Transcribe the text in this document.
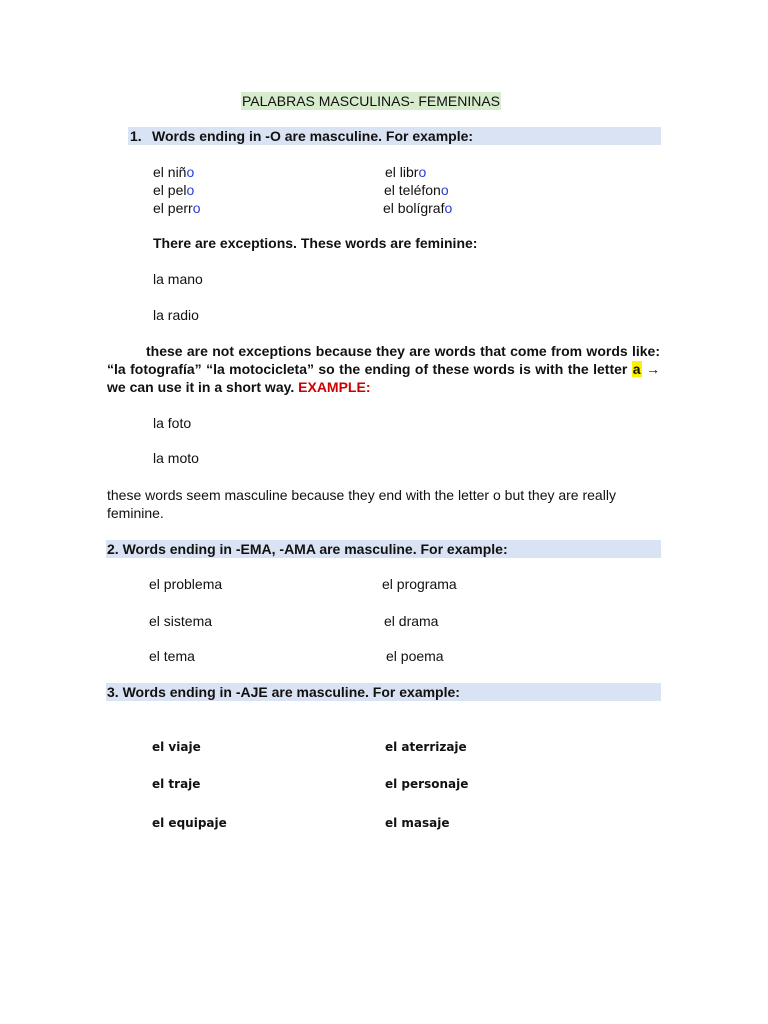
PALABRAS MASCULINAS- FEMENINAS
1. Words ending in -O are masculine. For example:
el niño
el pelo
el perro
el libro
el teléfono
el bolígrafo
There are exceptions. These words are feminine:
la mano
la radio
these are not exceptions because they are words that come from words like: “la fotografía” “la motocicleta” so the ending of these words is with the letter a → we can use it in a short way. EXAMPLE:
la foto
la moto
these words seem masculine because they end with the letter o but they are really feminine.
2. Words ending in -EMA, -AMA are masculine. For example:
el problema
el sistema
el tema
el programa
el drama
el poema
3. Words ending in -AJE are masculine. For example:
el viaje
el traje
el equipaje
el aterrizaje
el personaje
el masaje
